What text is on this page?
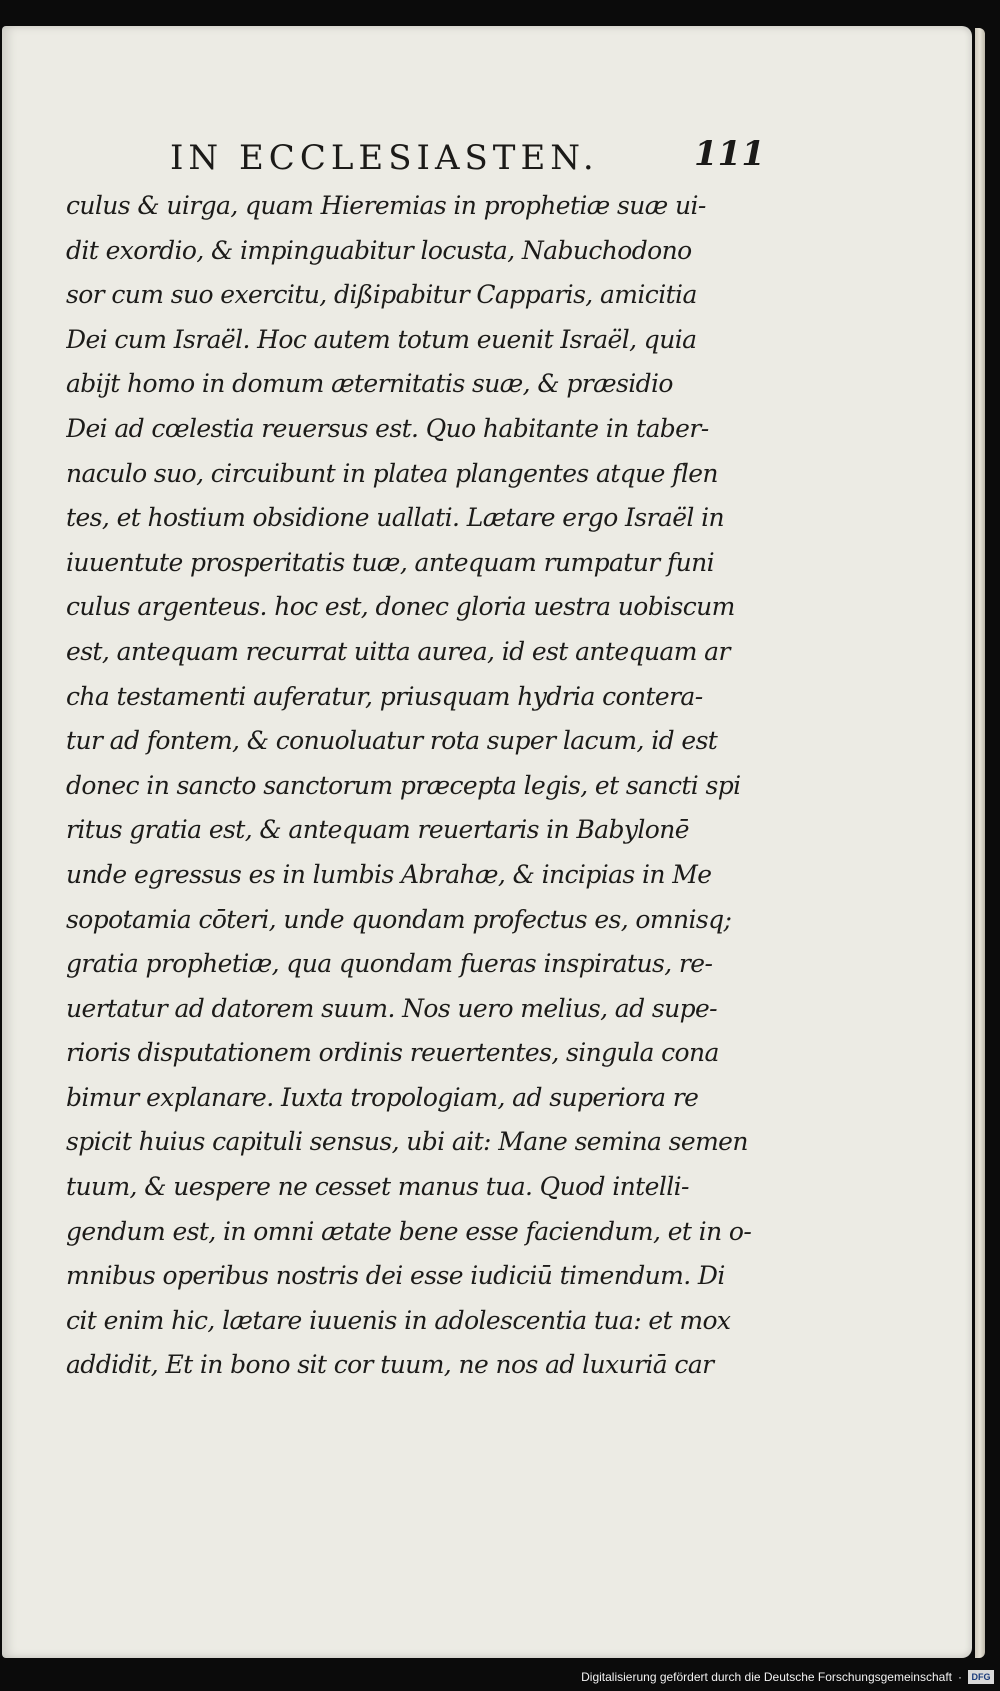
IN ECCLESIASTEN.	111
culus & uirga, quam Hieremias in prophetiæ suæ ui-
dit exordio, & impinguabitur locusta, Nabuchodono
sor cum suo exercitu, dißipabitur Capparis, amicitia
Dei cum Israël. Hoc autem totum euenit Israël, quia
abijt homo in domum æternitatis suæ, & præsidio
Dei ad cœlestia reuersus est. Quo habitante in taber-
naculo suo, circuibunt in platea plangentes atque flen
tes, et hostium obsidione uallati. Lætare ergo Israël in
iuuentute prosperitatis tuæ, antequam rumpatur funi
culus argenteus. hoc est, donec gloria uestra uobiscum
est, antequam recurrat uitta aurea, id est antequam ar
cha testamenti auferatur, priusquam hydria contera-
tur ad fontem, & conuoluatur rota super lacum, id est
donec in sancto sanctorum præcepta legis, et sancti spi
ritus gratia est, & antequam reuertaris in Babylonē
unde egressus es in lumbis Abrahæ, & incipias in Me
sopotamia cōteri, unde quondam profectus es, omnisq;
gratia prophetiæ, qua quondam fueras inspiratus, re-
uertatur ad datorem suum. Nos uero melius, ad supe-
rioris disputationem ordinis reuertentes, singula cona
bimur explanare. Iuxta tropologiam, ad superiora re
spicit huius capituli sensus, ubi ait: Mane semina semen
tuum, & uespere ne cesset manus tua. Quod intelli-
gendum est, in omni ætate bene esse faciendum, et in o-
mnibus operibus nostris dei esse iudiciū timendum. Di
cit enim hic, lætare iuuenis in adolescentia tua: et mox
addidit, Et in bono sit cor tuum, ne nos ad luxuriā car
Digitalisierung gefördert durch die Deutsche Forschungsgemeinschaft ·	DFG
